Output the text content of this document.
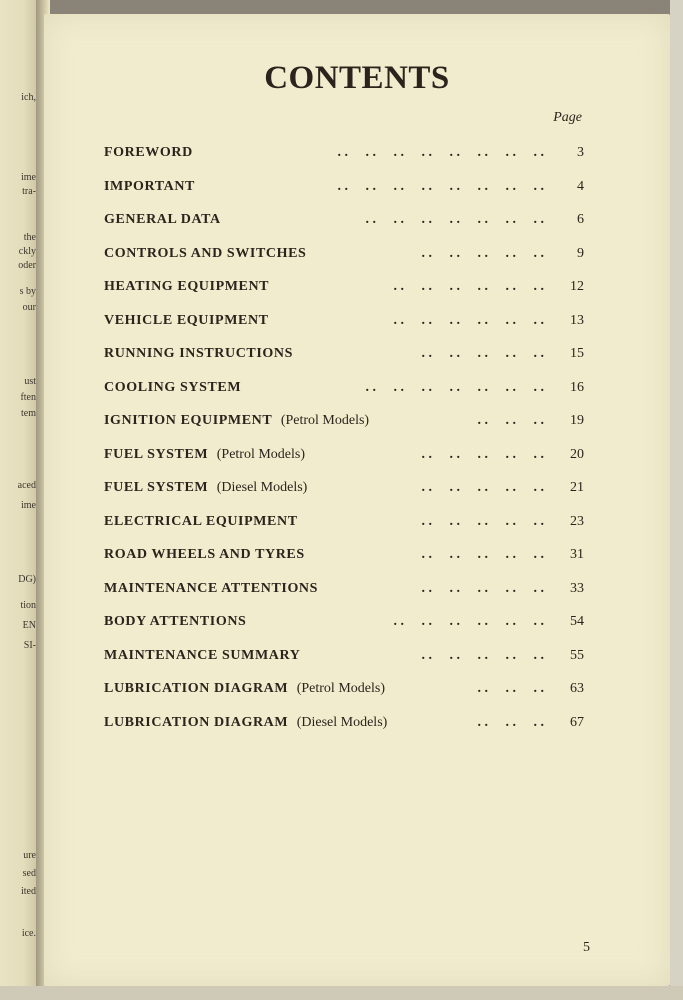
ich,
ime
tra-
the
ckly
oder
s by
our
ust
ften
tem
aced
ime
DG)
tion
EN
SI-
ure
sed
ited
ice.
CONTENTS
Page
FOREWORD	. .     . .     . .     . .     . .     . .     . .     . .	3
IMPORTANT	. .     . .     . .     . .     . .     . .     . .     . .	4
GENERAL DATA	. .     . .     . .     . .     . .     . .     . .	6
CONTROLS AND SWITCHES	. .     . .     . .     . .     . .	9
HEATING EQUIPMENT	. .     . .     . .     . .     . .     . .	12
VEHICLE EQUIPMENT	. .     . .     . .     . .     . .     . .	13
RUNNING INSTRUCTIONS	. .     . .     . .     . .     . .	15
COOLING SYSTEM	. .     . .     . .     . .     . .     . .     . .	16
IGNITION EQUIPMENT (Petrol Models)	. .     . .     . .	19
FUEL SYSTEM (Petrol Models)	. .     . .     . .     . .     . .	20
FUEL SYSTEM (Diesel Models)	. .     . .     . .     . .     . .	21
ELECTRICAL EQUIPMENT	. .     . .     . .     . .     . .	23
ROAD WHEELS AND TYRES	. .     . .     . .     . .     . .	31
MAINTENANCE ATTENTIONS	. .     . .     . .     . .     . .	33
BODY ATTENTIONS	. .     . .     . .     . .     . .     . .	54
MAINTENANCE SUMMARY	. .     . .     . .     . .     . .	55
LUBRICATION DIAGRAM (Petrol Models)	. .     . .     . .	63
LUBRICATION DIAGRAM (Diesel Models)	. .     . .     . .	67
5
